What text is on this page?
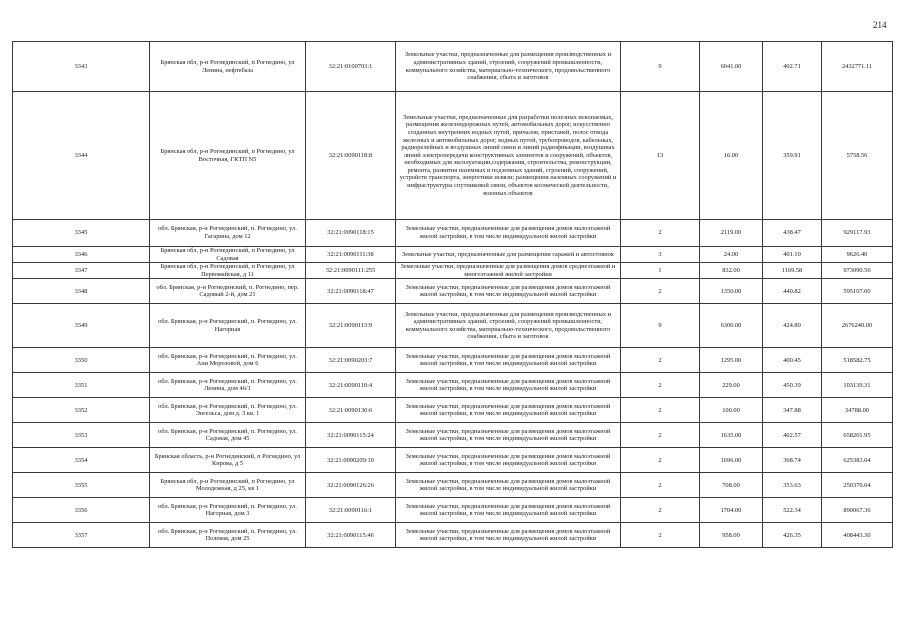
214
3343	Брянская обл, р-н Рогнединский, п Рогнедино, ул Ленина, нефтебаза	32:21:0100703:1	Земельные участки, предназначенные для размещения производственных и административных зданий, строений, сооружений промышленности, коммунального хозяйства, материально-технического, продовольственного снабжения, сбыта и заготовок	9	6041.00	402.71	2432771.11
3344	Брянская обл, р-н Рогнединский, п Рогнедино, ул Восточная, ГКТП N5	32:21:0090118:8	Земельные участки, предназначенные для разработки полезных ископаемых, размещения железнодорожных путей, автомобильных дорог, искусственно созданных внутренних водных путей, причалов, пристаней, полос отвода железных и автомобильных дорог, водных путей, трубопроводов, кабельных, радиорелейных и воздушных линий связи и линий радиофикации, воздушных линий электропередачи конструктивных элементов и сооружений, объектов, необходимых для эксплуатации,содержания, строительства, реконструкции, ремонта, развития наземных и подземных зданий, строений, сооружений, устройств транспорта, энергетики исвязи; размещения наземных сооружений и инфраструктуры спутниковой связи, объектов космической деятельности, военных объектов	13	16.00	359.91	5758.56
3345	обл. Брянская, р-н Рогнединский, п. Рогнедино, ул. Гагарина, дом 12	32:21:0090118:15	Земельные участки, предназначенные для размещения домов малоэтажной жилой застройки, в том числе индивидуальной жилой застройки	2	2119.00	438.47	929117.93
3346	Брянская обл, р-н Рогнединский, п Рогнедино, ул Садовая	32:21:0090111:38	Земельные участки, предназначенные для размещения гаражей и автостоянок	3	24.00	401.10	9626.40
3347	Брянская обл, р-н Рогнединский, п Рогнедино, ул Первомайская, д 11	32:21:0090111:255	Земельные участки, предназначенные для размещения домов среднеэтажной и многоэтажной жилой застройки	1	832.00	1169.58	973090.56
3348	обл. Брянская, р-н Рогнединский, п. Рогнедино, пер. Садовый 2-й, дом 21	32:21:0090118:47	Земельные участки, предназначенные для размещения домов малоэтажной жилой застройки, в том числе индивидуальной жилой застройки	2	1350.00	440.82	595107.00
3349	обл. Брянская, р-н Рогнединский, п. Рогнедино, ул. Нагорная	32:21:0090113:9	Земельные участки, предназначенные для размещения производственных и административных зданий, строений, сооружений промышленности, коммунального хозяйства, материально-технического, продовольственного снабжения, сбыта и заготовок	9	6300.00	424.80	2676240.00
3350	обл. Брянская, р-н Рогнединский, п. Рогнедино, ул. Ани Морозовой, дом 6	32:21:0090203:7	Земельные участки, предназначенные для размещения домов малоэтажной жилой застройки, в том числе индивидуальной жилой застройки	2	1295.00	400.45	518582.75
3351	обл. Брянская, р-н Рогнединский, п. Рогнедино, ул. Ленина, дом 46/1	32:21:0090110:4	Земельные участки, предназначенные для размещения домов малоэтажной жилой застройки, в том числе индивидуальной жилой застройки	2	229.00	450.39	103139.31
3352	обл. Брянская, р-н Рогнединский, п. Рогнедино, ул. Энгельса, дом д. 3 кв. 1	32:21:0090130:6	Земельные участки, предназначенные для размещения домов малоэтажной жилой застройки, в том числе индивидуальной жилой застройки	2	100.00	347.88	34788.00
3353	обл. Брянская, р-н Рогнединский, п. Рогнедино, ул. Садовая, дом 45	32:21:0090115:24	Земельные участки, предназначенные для размещения домов малоэтажной жилой застройки, в том числе индивидуальной жилой застройки	2	1635.00	402.57	658201.95
3354	Брянская область, р-н Рогнединский, п Рогнедино, ул Кирова, д 5	32:21:0090209:10	Земельные участки, предназначенные для размещения домов малоэтажной жилой застройки, в том числе индивидуальной жилой застройки	2	1696.00	368.74	625383.04
3355	Брянская обл, р-н Рогнединский, п Рогнедино, ул Молодежная, д 25, кв 1	32:21:0090126:26	Земельные участки, предназначенные для размещения домов малоэтажной жилой застройки, в том числе индивидуальной жилой застройки	2	708.00	353.63	250370.04
3356	обл. Брянская, р-н Рогнединский, п. Рогнедино, ул. Нагорная, дом 3	32:21:0090116:1	Земельные участки, предназначенные для размещения домов малоэтажной жилой застройки, в том числе индивидуальной жилой застройки	2	1704.00	522.34	890067.36
3357	обл. Брянская, р-н Рогнединский, п. Рогнедино, ул. Полевая, дом 25	32:21:0090115:46	Земельные участки, предназначенные для размещения домов малоэтажной жилой застройки, в том числе индивидуальной жилой застройки	2	958.00	426.35	408443.30
